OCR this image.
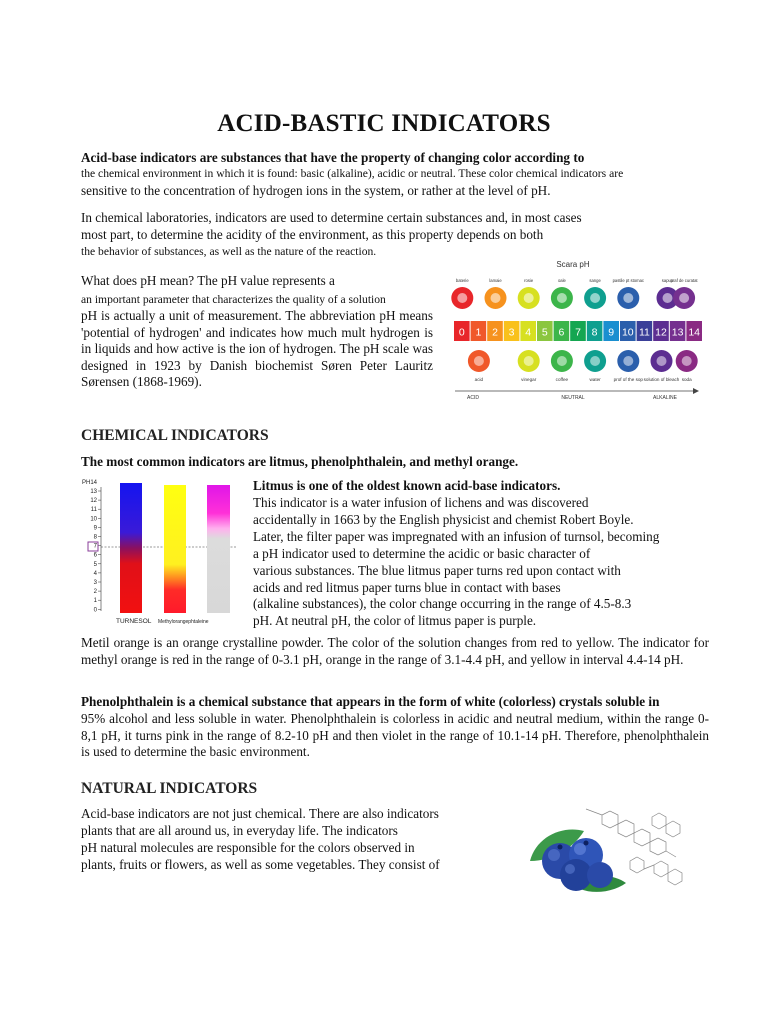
ACID-BASTIC INDICATORS
Acid-base indicators are substances that have the property of changing color according to
the chemical environment in which it is found: basic (alkaline), acidic or neutral. These color chemical indicators are
sensitive to the concentration of hydrogen ions in the system, or rather at the level of pH.
In chemical laboratories, indicators are used to determine certain substances and, in most cases
most part, to determine the acidity of the environment, as this property depends on both
the behavior of substances, as well as the nature of the reaction.
What does pH mean? The pH value represents a
an important parameter that characterizes the quality of a solution
pH is actually a unit of measurement. The abbreviation pH means 'potential of hydrogen' and indicates how much mult hydrogen is in liquids and how active is the ion of hydrogen. The pH scale was designed in 1923 by Danish biochemist Søren Peter Lauritz Sørensen (1868-1969).
Scara pH
baterie	lamaie	rosie	oale	sange	pastile pt stomac	sapun
praf de curatat
0 1 2 3 4 5 6 7 8 9 10 11 12 13 14
acid	vinegar	coffee	water	prof of the sop solution of bleach soda
ACID	NEUTRAL	ALKALINE
CHEMICAL INDICATORS
The most common indicators are litmus, phenolphthalein, and methyl orange.
PH14
13
12
11
10
9
8
7
6
5
4
3
2
1
0
TURNESOL Methylorangephtaleine
Litmus is one of the oldest known acid-base indicators.
This indicator is a water infusion of lichens and was discovered
accidentally in 1663 by the English physicist and chemist Robert Boyle.
Later, the filter paper was impregnated with an infusion of turnsol, becoming
a pH indicator used to determine the acidic or basic character of
various substances. The blue litmus paper turns red upon contact with
acids and red litmus paper turns blue in contact with bases
(alkaline substances), the color change occurring in the range of 4.5-8.3
pH. At neutral pH, the color of litmus paper is purple.
Metil orange is an orange crystalline powder. The color of the solution changes from red to yellow. The indicator for methyl orange is red in the range of 0-3.1 pH, orange in the range of 3.1-4.4 pH, and yellow in interval 4.4-14 pH.
Phenolphthalein is a chemical substance that appears in the form of white (colorless) crystals soluble in
95% alcohol and less soluble in water. Phenolphthalein is colorless in acidic and neutral medium, within the range 0-8,1 pH, it turns pink in the range of 8.2-10 pH and then violet in the range of 10.1-14 pH. Therefore, phenolphthalein is used to determine the basic environment.
NATURAL INDICATORS
Acid-base indicators are not just chemical. There are also indicators
plants that are all around us, in everyday life. The indicators
pH natural molecules are responsible for the colors observed in
plants, fruits or flowers, as well as some vegetables. They consist of
